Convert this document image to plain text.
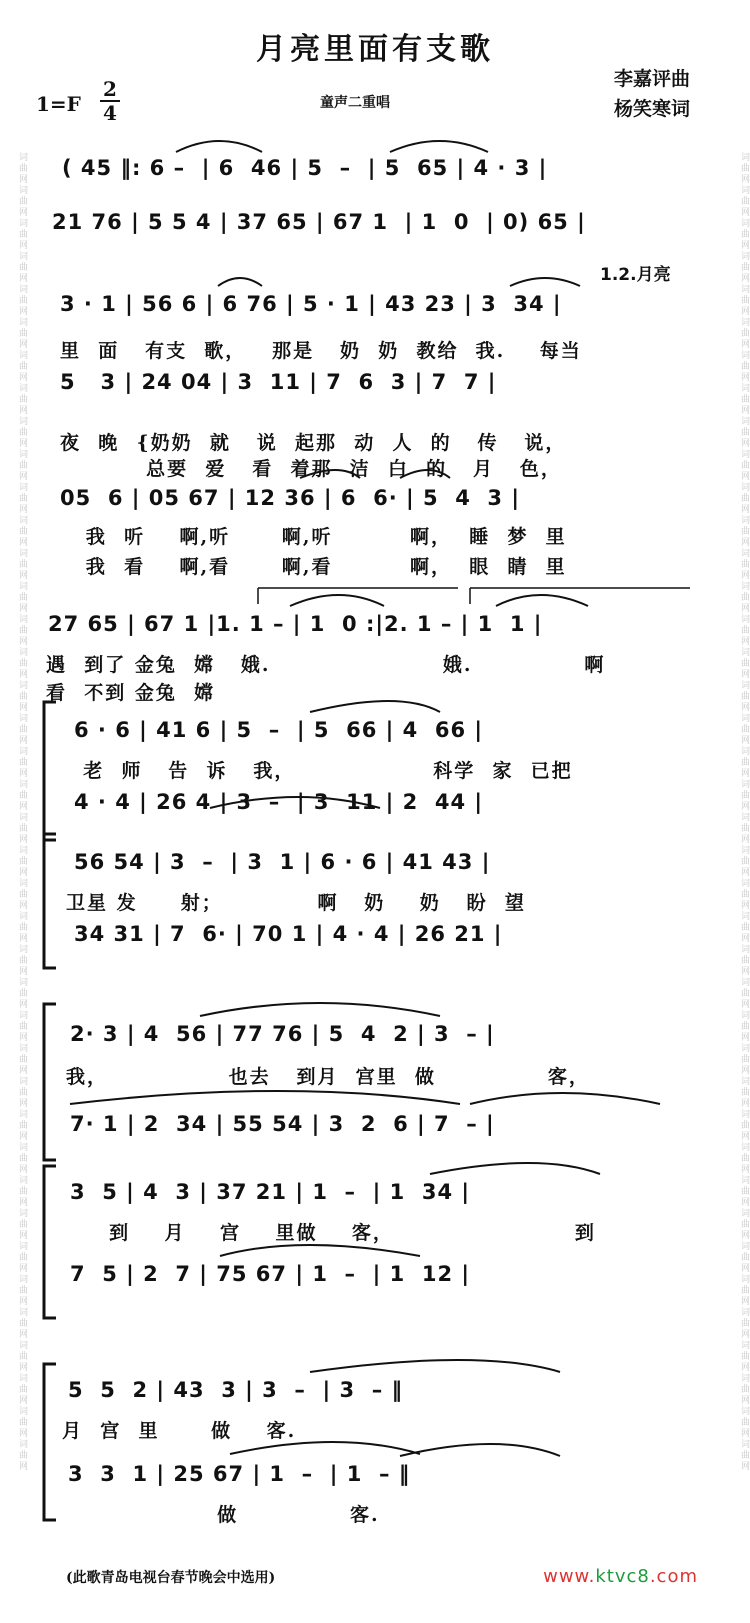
词曲网词曲网词曲网词曲网词曲网词曲网词曲网词曲网词曲网词曲网词曲网词曲网词曲网词曲网词曲网词曲网词曲网词曲网词曲网词曲网词曲网词曲网词曲网词曲网词曲网词曲网词曲网词曲网词曲网词曲网词曲网词曲网词曲网词曲网词曲网词曲网词曲网词曲网词曲网词曲网	词曲网词曲网词曲网词曲网词曲网词曲网词曲网词曲网词曲网词曲网词曲网词曲网词曲网词曲网词曲网词曲网词曲网词曲网词曲网词曲网词曲网词曲网词曲网词曲网词曲网词曲网词曲网词曲网词曲网词曲网词曲网词曲网词曲网词曲网词曲网词曲网词曲网词曲网词曲网词曲网
月亮里面有支歌
李嘉评曲
杨笑寒词
1=F
2
4	童声二重唱
( 45 ‖: 6 –  | 6  46 | 5  –  | 5  65 | 4 · 3 |
21 76 | 5 5 4 | 37 65 | 67 1  | 1  0  | 0) 65 |
1.2.月亮
3 · 1 | 56 6 | 6 76 | 5 · 1 | 43 23 | 3  34 |
里  面   有支  歌，   那是   奶  奶  教给  我.    每当
5   3 | 24 04 | 3  11 | 7  6  3 | 7  7 |
夜  晚  {奶奶  就   说  起那  动  人  的   传   说，
总要  爱   看  着那  洁  白  的   月   色，
05  6 | 05 67 | 12 36 | 6  6· | 5  4  3 |
我  听    啊,听      啊,听         啊，  睡  梦  里
我  看    啊,看      啊,看         啊，  眼  睛  里
27 65 | 67 1 |1. 1 – | 1  0 :|2. 1 – | 1  1 |
遇  到了 金兔  嫦   娥.                    娥.             啊
看  不到 金兔  嫦
6 · 6 | 41 6 | 5  –  | 5  66 | 4  66 |
老  师   告  诉   我，                科学  家  已把
4 · 4 | 26 4 | 3  –  | 3  11 | 2  44 |
56 54 | 3  –  | 3  1 | 6 · 6 | 41 43 |
卫星 发     射；           啊   奶    奶   盼  望
34 31 | 7  6· | 70 1 | 4 · 4 | 26 21 |
2· 3 | 4  56 | 77 76 | 5  4  2 | 3  – |
我，              也去   到月  宫里  做             客，
7· 1 | 2  34 | 55 54 | 3  2  6 | 7  – |
3  5 | 4  3 | 37 21 | 1  –  | 1  34 |
到    月    宫    里做    客，                     到
7  5 | 2  7 | 75 67 | 1  –  | 1  12 |
5  5  2 | 43  3 | 3  –  | 3  – ‖
月  宫  里      做    客.
3  3  1 | 25 67 | 1  –  | 1  – ‖
做             客.
(此歌青岛电视台春节晚会中选用)	www.ktvc8.com
